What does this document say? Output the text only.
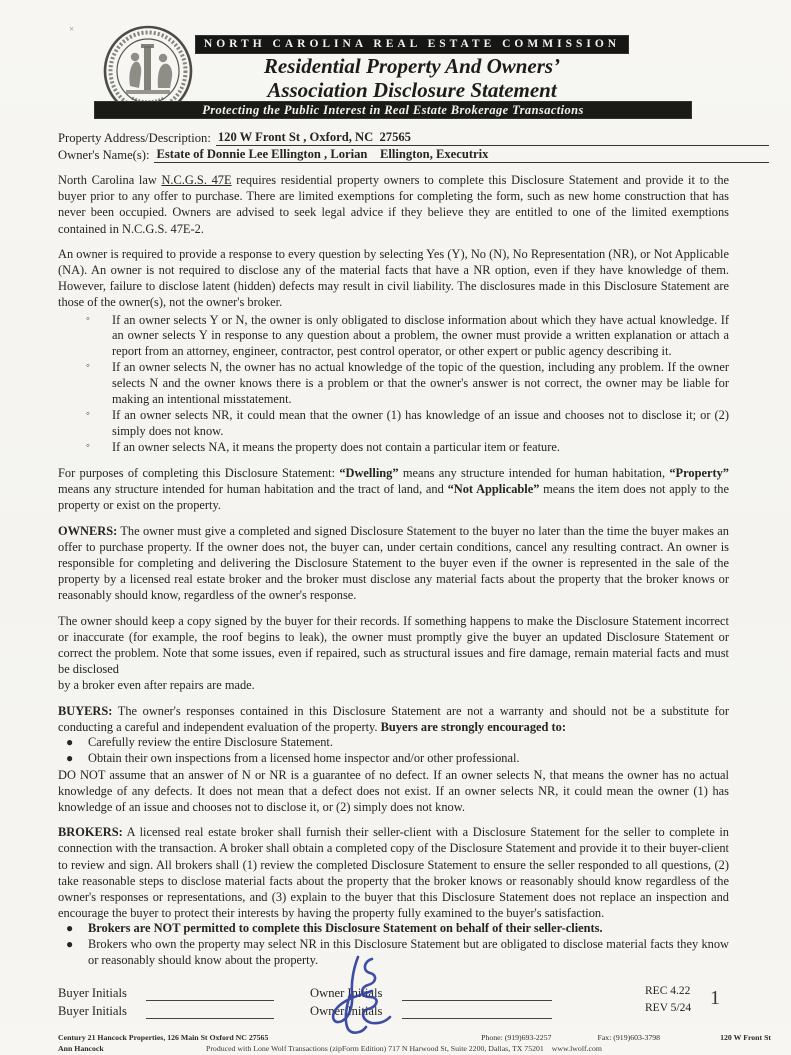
×
NORTH CAROLINA REAL ESTATE COMMISSION
Residential Property And Owners’
Association Disclosure Statement
Protecting the Public Interest in Real Estate Brokerage Transactions
Property Address/Description: 120 W Front St , Oxford, NC  27565
Owner's Name(s): Estate of Donnie Lee Ellington , Lorian    Ellington, Executrix
North Carolina law N.C.G.S. 47E requires residential property owners to complete this Disclosure Statement and provide it to the buyer prior to any offer to purchase. There are limited exemptions for completing the form, such as new home construction that has never been occupied. Owners are advised to seek legal advice if they believe they are entitled to one of the limited exemptions contained in N.C.G.S. 47E-2.
An owner is required to provide a response to every question by selecting Yes (Y), No (N), No Representation (NR), or Not Applicable (NA). An owner is not required to disclose any of the material facts that have a NR option, even if they have knowledge of them. However, failure to disclose latent (hidden) defects may result in civil liability. The disclosures made in this Disclosure Statement are those of the owner(s), not the owner's broker.
◦ If an owner selects Y or N, the owner is only obligated to disclose information about which they have actual knowledge. If an owner selects Y in response to any question about a problem, the owner must provide a written explanation or attach a report from an attorney, engineer, contractor, pest control operator, or other expert or public agency describing it.
◦ If an owner selects N, the owner has no actual knowledge of the topic of the question, including any problem. If the owner selects N and the owner knows there is a problem or that the owner's answer is not correct, the owner may be liable for making an intentional misstatement.
◦ If an owner selects NR, it could mean that the owner (1) has knowledge of an issue and chooses not to disclose it; or (2) simply does not know.
◦ If an owner selects NA, it means the property does not contain a particular item or feature.
For purposes of completing this Disclosure Statement: “Dwelling” means any structure intended for human habitation, “Property” means any structure intended for human habitation and the tract of land, and “Not Applicable” means the item does not apply to the property or exist on the property.
OWNERS: The owner must give a completed and signed Disclosure Statement to the buyer no later than the time the buyer makes an offer to purchase property. If the owner does not, the buyer can, under certain conditions, cancel any resulting contract. An owner is responsible for completing and delivering the Disclosure Statement to the buyer even if the owner is represented in the sale of the property by a licensed real estate broker and the broker must disclose any material facts about the property that the broker knows or reasonably should know, regardless of the owner's response.
The owner should keep a copy signed by the buyer for their records. If something happens to make the Disclosure Statement incorrect or inaccurate (for example, the roof begins to leak), the owner must promptly give the buyer an updated Disclosure Statement or correct the problem. Note that some issues, even if repaired, such as structural issues and fire damage, remain material facts and must be disclosed
by a broker even after repairs are made.
BUYERS: The owner's responses contained in this Disclosure Statement are not a warranty and should not be a substitute for conducting a careful and independent evaluation of the property. Buyers are strongly encouraged to:
● Carefully review the entire Disclosure Statement.
● Obtain their own inspections from a licensed home inspector and/or other professional.
DO NOT assume that an answer of N or NR is a guarantee of no defect. If an owner selects N, that means the owner has no actual knowledge of any defects. It does not mean that a defect does not exist. If an owner selects NR, it could mean the owner (1) has knowledge of an issue and chooses not to disclose it, or (2) simply does not know.
BROKERS: A licensed real estate broker shall furnish their seller-client with a Disclosure Statement for the seller to complete in connection with the transaction. A broker shall obtain a completed copy of the Disclosure Statement and provide it to their buyer-client to review and sign. All brokers shall (1) review the completed Disclosure Statement to ensure the seller responded to all questions, (2) take reasonable steps to disclose material facts about the property that the broker knows or reasonably should know regardless of the owner's responses or representations, and (3) explain to the buyer that this Disclosure Statement does not replace an inspection and encourage the buyer to protect their interests by having the property fully examined to the buyer's satisfaction.
● Brokers are NOT permitted to complete this Disclosure Statement on behalf of their seller-clients.
● Brokers who own the property may select NR in this Disclosure Statement but are obligated to disclose material facts they know or reasonably should know about the property.
Buyer Initials	Owner Initials
Buyer Initials	Owner Initials
REC 4.22
REV 5/24 1
Century 21 Hancock Properties, 126 Main St Oxford NC 27565	Phone: (919)693-2257	Fax: (919)603-3798	120 W Front St
Ann Hancock	Produced with Lone Wolf Transactions (zipForm Edition) 717 N Harwood St, Suite 2200, Dallas, TX 75201 www.lwolf.com
